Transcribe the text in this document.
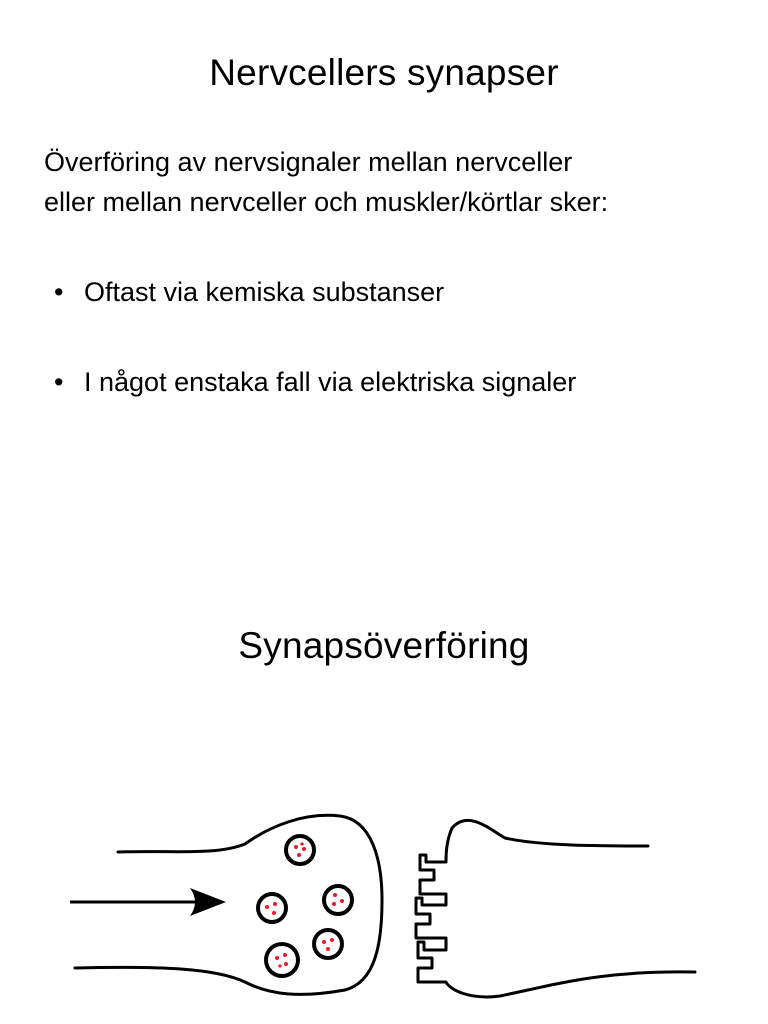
Nervcellers synapser

Överföring av nervsignaler mellan nervceller
eller mellan nervceller och muskler/körtlar sker:

• Oftast via kemiska substanser
• I något enstaka fall via elektriska signaler
Synapsöverföring
